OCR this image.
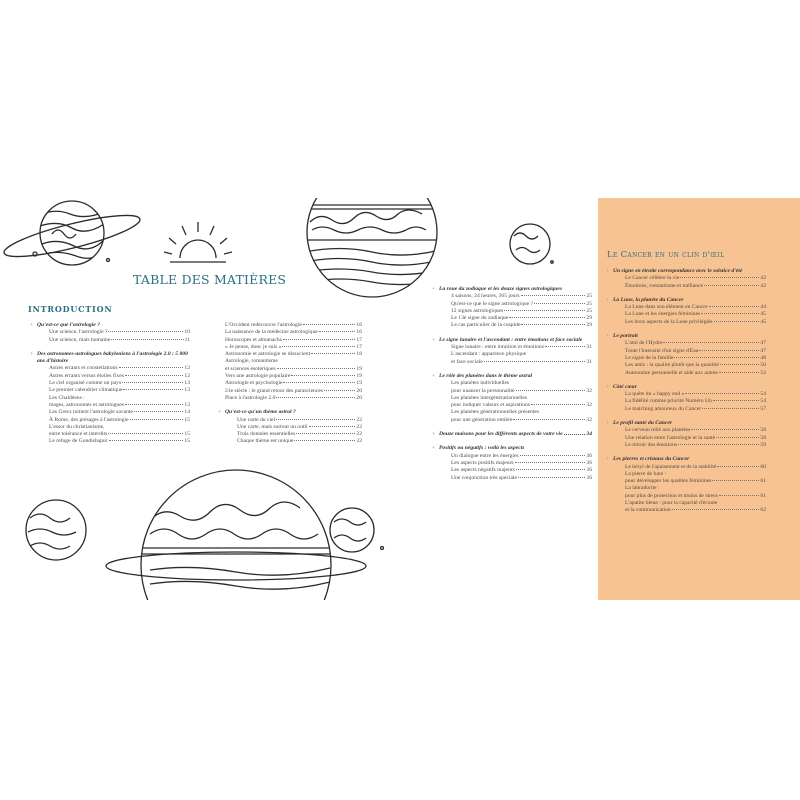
TABLE DES MATIÈRES
INTRODUCTION
+ Qu'est-ce que l'astrologie ?
Une science, l'astrologie ?	10
Une science, mais humaine	11
+ Des astronomes-astrologues babyloniens à l'astrologie 2.0 : 5 000 ans d'histoire
Astres errants et constellations	12
Astres errants versus étoiles fixes	12
Le ciel organisé comme un pays	13
Le premier calendrier climatique	13
Les Chaldéens :
mages, astronomes et astrologues	13
Les Grecs initient l'astrologie savante	14
À Rome, des présages à l'astrologie	15
L'essor du christianisme,
entre tolérance et interdits	15
Le refuge de Gondishapur	15
L'Occident redécouvre l'astrologie	16
La naissance de la médecine astrologique	16
Horoscopes et almanachs	17
« Je pense, donc je suis »	17
Astronomie et astrologie se dissocient	18
Astrologie, romantisme
et sciences ésotériques	19
Vers une astrologie populaire	19
Astrologie et psychologie	19
21e siècle : le grand retour des parasciences	20
Place à l'astrologie 2.0	20
+ Qu'est-ce qu'un thème astral ?
Une carte du ciel	22
Une carte, mais surtout un outil	22
Trois données essentielles	22
Chaque thème est unique	22
+ La roue du zodiaque et les douze signes astrologiques
4 saisons, 24 heures, 365 jours	25
Qu'est-ce que le signe astrologique ?	25
12 signes astrologiques	25
Le 13e signe du zodiaque	29
Le cas particulier de la cuspide	29
+ Le signe lunaire et l'ascendant : entre émotions et face sociale
Signe lunaire : entre intuition et émotions	31
L'ascendant : apparence physique
et face sociale	31
+ Le rôle des planètes dans le thème astral
Les planètes individuelles
pour nuancer la personnalité	32
Les planètes intergénérationnelles
pour indiquer valeurs et aspirations	32
Les planètes générationnelles présentes
pour une génération entière	32
+ Douze maisons pour les différents aspects de votre vie	34
+ Positifs ou négatifs : voilà les aspects
Un dialogue entre les énergies	36
Les aspects positifs majeurs	36
Les aspects négatifs majeurs	36
Une conjonction très spéciale	36
Le Cancer en un clin d'œil
+ Un signe en étroite correspondance avec le solstice d'été
Le Cancer célèbre la vie	42
Émotions, romantisme et méfiance	42
+ La Lune, la planète du Cancer
La Lune dans son élément en Cancer	44
La Lune et les énergies féminines	45
Les bons aspects de la Lune privilégiés	45
+ Le portrait
L'ami de l'Hydre	47
Toute l'intensité d'un signe d'Eau	47
Le signe de la famille	48
Les amis : la qualité plutôt que la quantité	50
Autonomie personnelle et aide aux autres	52
+ Côté cœur
La quête du « happy end »	54
La fidélité comme priorité Numéro Un	54
Le matching amoureux du Cancer	57
+ Le profil santé du Cancer
Le cerveau relié aux planètes	58
Une relation entre l'astrologie et la santé	58
Le miroir des émotions	59
+ Les pierres et cristaux du Cancer
Le béryl de l'apaisement et de la stabilité	60
La pierre de lune :
pour développer les qualités féminines	61
La labradorite :
pour plus de protection et moins de stress	61
L'apatite bleue : pour la capacité d'écoute
et la communication	62
